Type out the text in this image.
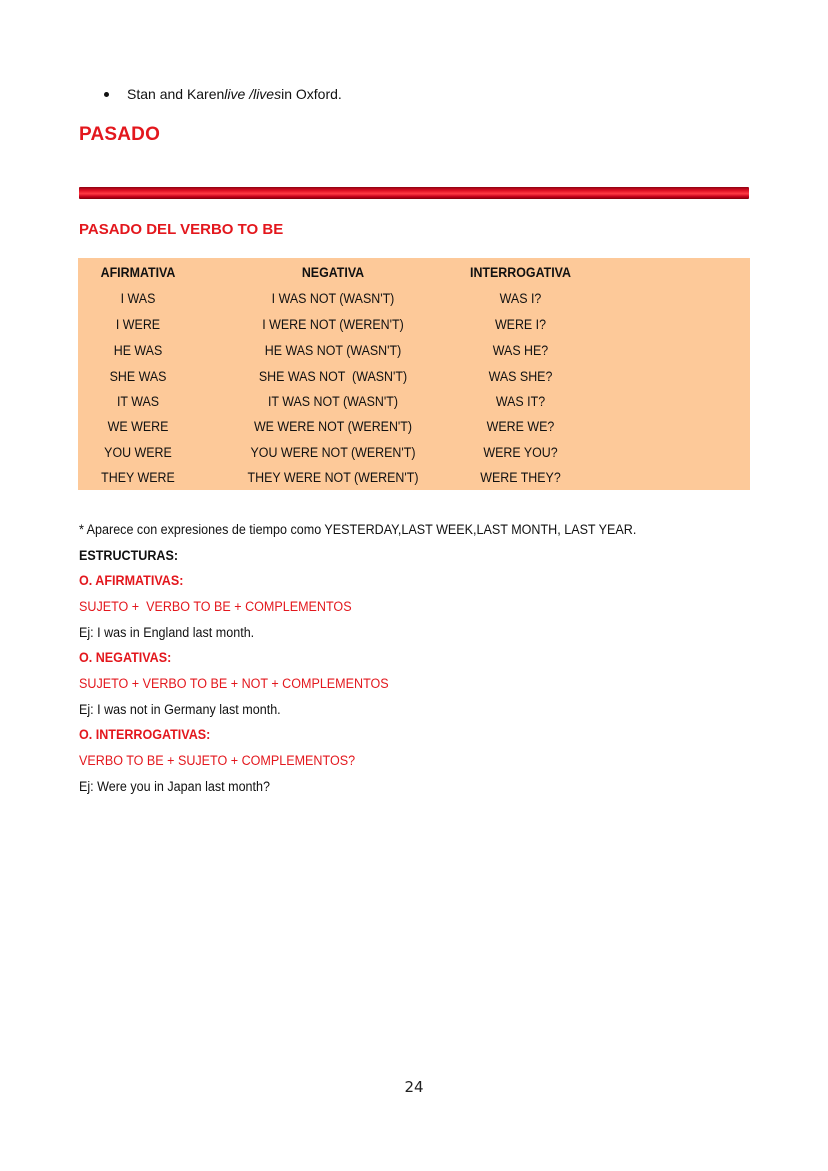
Stan and Karen live /lives in Oxford.
PASADO
PASADO DEL VERBO TO BE
AFIRMATIVA	NEGATIVA	INTERROGATIVA
I WAS	I WAS NOT (WASN'T)	WAS I?
I WERE	I WERE NOT (WEREN'T)	WERE I?
HE WAS	HE WAS NOT (WASN'T)	WAS HE?
SHE WAS	SHE WAS NOT  (WASN'T)	WAS SHE?
IT WAS	IT WAS NOT (WASN'T)	WAS IT?
WE WERE	WE WERE NOT (WEREN'T)	WERE WE?
YOU WERE	YOU WERE NOT (WEREN'T)	WERE YOU?
THEY WERE	THEY WERE NOT (WEREN'T)	WERE THEY?
* Aparece con expresiones de tiempo como YESTERDAY,LAST WEEK,LAST MONTH, LAST YEAR.
ESTRUCTURAS:
O. AFIRMATIVAS:
SUJETO +  VERBO TO BE + COMPLEMENTOS
Ej: I was in England last month.
O. NEGATIVAS:
SUJETO + VERBO TO BE + NOT + COMPLEMENTOS
Ej: I was not in Germany last month.
O. INTERROGATIVAS:
VERBO TO BE + SUJETO + COMPLEMENTOS?
Ej: Were you in Japan last month?
24
